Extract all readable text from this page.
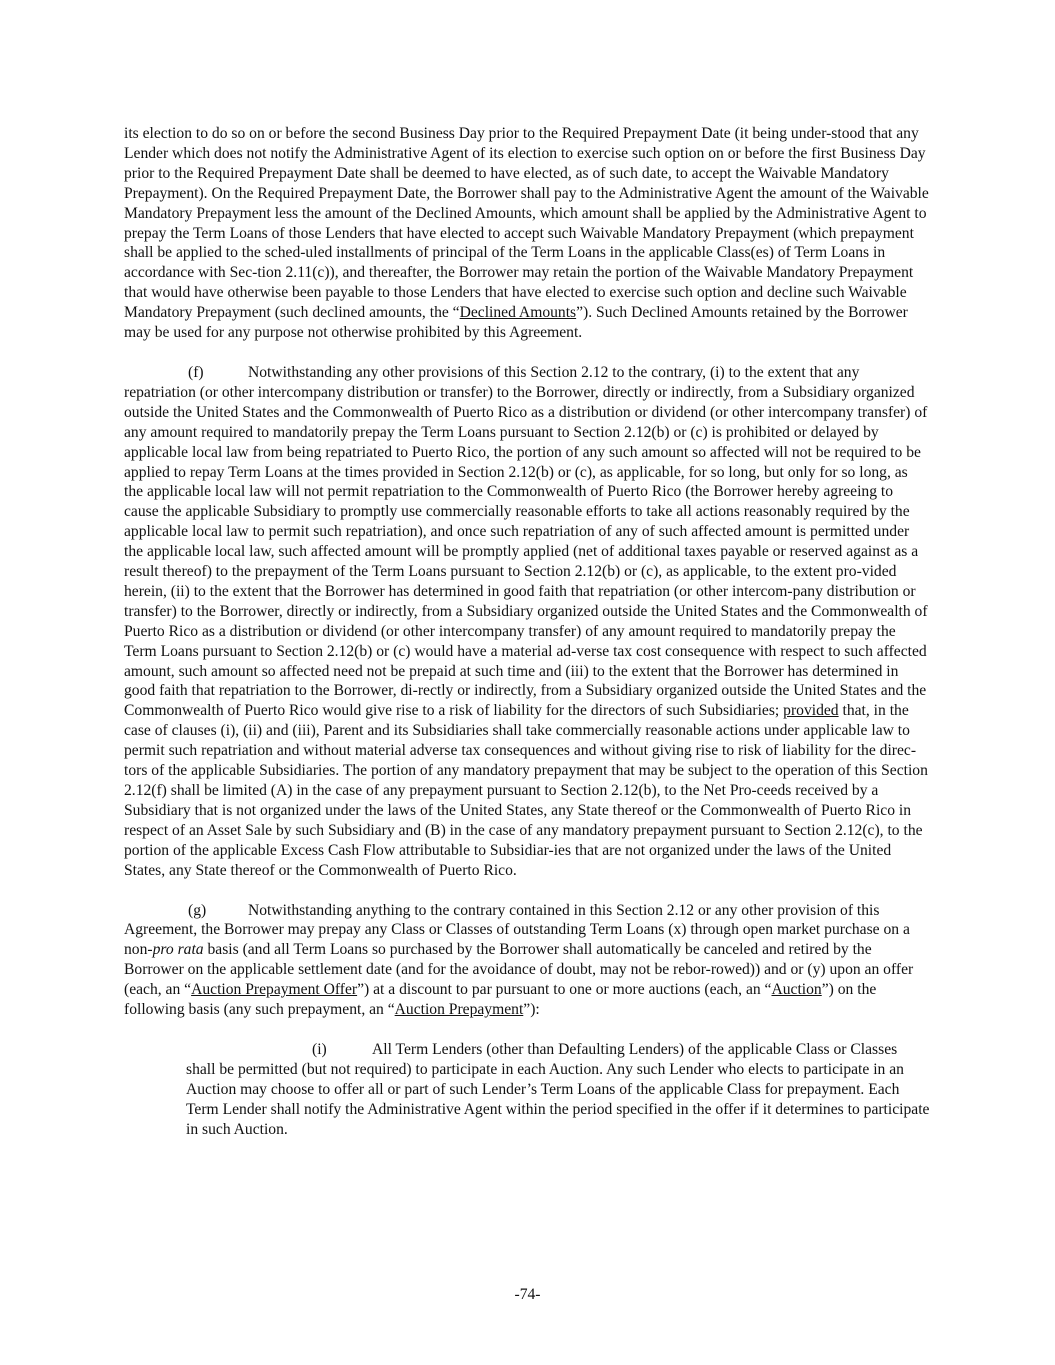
its election to do so on or before the second Business Day prior to the Required Prepayment Date (it being under-stood that any Lender which does not notify the Administrative Agent of its election to exercise such option on or before the first Business Day prior to the Required Prepayment Date shall be deemed to have elected, as of such date, to accept the Waivable Mandatory Prepayment). On the Required Prepayment Date, the Borrower shall pay to the Administrative Agent the amount of the Waivable Mandatory Prepayment less the amount of the Declined Amounts, which amount shall be applied by the Administrative Agent to prepay the Term Loans of those Lenders that have elected to accept such Waivable Mandatory Prepayment (which prepayment shall be applied to the sched-uled installments of principal of the Term Loans in the applicable Class(es) of Term Loans in accordance with Sec-tion 2.11(c)), and thereafter, the Borrower may retain the portion of the Waivable Mandatory Prepayment that would have otherwise been payable to those Lenders that have elected to exercise such option and decline such Waivable Mandatory Prepayment (such declined amounts, the “Declined Amounts”). Such Declined Amounts retained by the Borrower may be used for any purpose not otherwise prohibited by this Agreement.

(f)	Notwithstanding any other provisions of this Section 2.12 to the contrary, (i) to the extent that any repatriation (or other intercompany distribution or transfer) to the Borrower, directly or indirectly, from a Subsidiary organized outside the United States and the Commonwealth of Puerto Rico as a distribution or dividend (or other intercompany transfer) of any amount required to mandatorily prepay the Term Loans pursuant to Section 2.12(b) or (c) is prohibited or delayed by applicable local law from being repatriated to Puerto Rico, the portion of any such amount so affected will not be required to be applied to repay Term Loans at the times provided in Section 2.12(b) or (c), as applicable, for so long, but only for so long, as the applicable local law will not permit repatriation to the Commonwealth of Puerto Rico (the Borrower hereby agreeing to cause the applicable Subsidiary to promptly use commercially reasonable efforts to take all actions reasonably required by the applicable local law to permit such repatriation), and once such repatriation of any of such affected amount is permitted under the applicable local law, such affected amount will be promptly applied (net of additional taxes payable or reserved against as a result thereof) to the prepayment of the Term Loans pursuant to Section 2.12(b) or (c), as applicable, to the extent pro-vided herein, (ii) to the extent that the Borrower has determined in good faith that repatriation (or other intercom-pany distribution or transfer) to the Borrower, directly or indirectly, from a Subsidiary organized outside the United States and the Commonwealth of Puerto Rico as a distribution or dividend (or other intercompany transfer) of any amount required to mandatorily prepay the Term Loans pursuant to Section 2.12(b) or (c) would have a material ad-verse tax cost consequence with respect to such affected amount, such amount so affected need not be prepaid at such time and (iii) to the extent that the Borrower has determined in good faith that repatriation to the Borrower, di-rectly or indirectly, from a Subsidiary organized outside the United States and the Commonwealth of Puerto Rico would give rise to a risk of liability for the directors of such Subsidiaries; provided that, in the case of clauses (i), (ii) and (iii), Parent and its Subsidiaries shall take commercially reasonable actions under applicable law to permit such repatriation and without material adverse tax consequences and without giving rise to risk of liability for the direc-tors of the applicable Subsidiaries. The portion of any mandatory prepayment that may be subject to the operation of this Section 2.12(f) shall be limited (A) in the case of any prepayment pursuant to Section 2.12(b), to the Net Pro-ceeds received by a Subsidiary that is not organized under the laws of the United States, any State thereof or the Commonwealth of Puerto Rico in respect of an Asset Sale by such Subsidiary and (B) in the case of any mandatory prepayment pursuant to Section 2.12(c), to the portion of the applicable Excess Cash Flow attributable to Subsidiar-ies that are not organized under the laws of the United States, any State thereof or the Commonwealth of Puerto Rico.

(g)	Notwithstanding anything to the contrary contained in this Section 2.12 or any other provision of this Agreement, the Borrower may prepay any Class or Classes of outstanding Term Loans (x) through open market purchase on a non-pro rata basis (and all Term Loans so purchased by the Borrower shall automatically be canceled and retired by the Borrower on the applicable settlement date (and for the avoidance of doubt, may not be rebor-rowed)) and or (y) upon an offer (each, an “Auction Prepayment Offer”) at a discount to par pursuant to one or more auctions (each, an “Auction”) on the following basis (any such prepayment, an “Auction Prepayment”):

(i)	All Term Lenders (other than Defaulting Lenders) of the applicable Class or Classes shall be permitted (but not required) to participate in each Auction. Any such Lender who elects to participate in an Auction may choose to offer all or part of such Lender’s Term Loans of the applicable Class for prepayment. Each Term Lender shall notify the Administrative Agent within the period specified in the offer if it determines to participate in such Auction.

-74-
